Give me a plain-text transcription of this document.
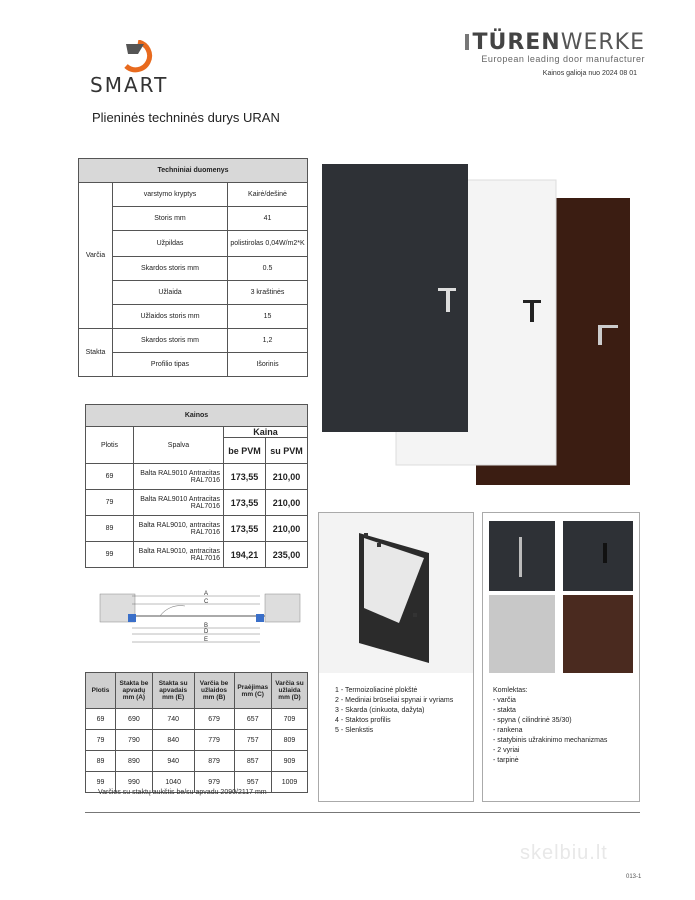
SMART
TÜRENWERKE
European leading door manufacturer
Kainos galioja nuo 2024 08 01
Plieninės techninės durys URAN
Techniniai duomenys		
Varčia	varstymo kryptys	Kairė/dešinė
	Storis mm	41
	Užpildas	polistirolas 0,04W/m2*K
	Skardos storis mm	0.5
	Užlaida	3 kraštinės
	Užlaidos storis mm	15
Stakta	Skardos storis mm	1,2
	Profilio tipas	Išorinis
Kainos			
Plotis	Spalva	Kaina	
		be PVM	su PVM
69	Balta RAL9010 Antracitas RAL7016	173,55	210,00
79	Balta RAL9010 Antracitas RAL7016	173,55	210,00
89	Balta RAL9010, antracitas RAL7016	173,55	210,00
99	Balta RAL9010, antracitas RAL7016	194,21	235,00
A
C
B
D
E
Plotis	Stakta be apvadų mm (A)	Stakta su apvadais mm (E)	Varčia be užlaidos mm (B)	Praėjimas mm (C)	Varčia su užlaida mm (D)
69	690	740	679	657	709
79	790	840	779	757	809
89	890	940	879	857	909
99	990	1040	979	957	1009
Varčios su staktų aukštis be/su apvadu 2090/2117 mm
1 - Termoizoliacinė plokštė
2 - Mediniai brūseliai spynai ir vyriams
3 - Skarda (cinkuota, dažyta)
4 - Staktos profilis
5 - Slenkstis
Komlektas:
- varčia
- stakta
- spyna ( cilindrinė 35/30)
- rankena
- statybinis užrakinimo mechanizmas
- 2 vyriai
- tarpinė
skelbiu.lt
013-1
